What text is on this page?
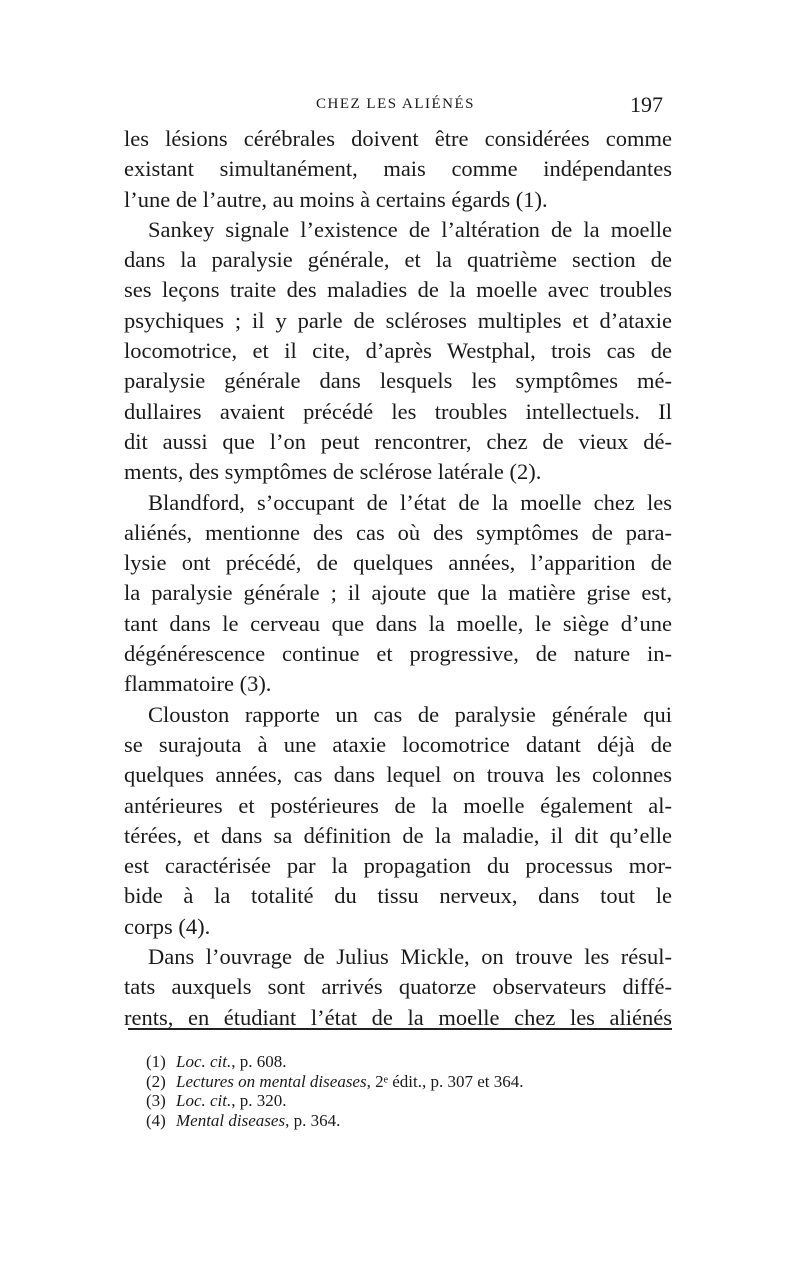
CHEZ LES ALIÉNÉS	197
les lésions cérébrales doivent être considérées comme
existant simultanément, mais comme indépendantes
l’une de l’autre, au moins à certains égards (1).
Sankey signale l’existence de l’altération de la moelle
dans la paralysie générale, et la quatrième section de
ses leçons traite des maladies de la moelle avec troubles
psychiques ; il y parle de scléroses multiples et d’ataxie
locomotrice, et il cite, d’après Westphal, trois cas de
paralysie générale dans lesquels les symptômes mé-
dullaires avaient précédé les troubles intellectuels. Il
dit aussi que l’on peut rencontrer, chez de vieux dé-
ments, des symptômes de sclérose latérale (2).
Blandford, s’occupant de l’état de la moelle chez les
aliénés, mentionne des cas où des symptômes de para-
lysie ont précédé, de quelques années, l’apparition de
la paralysie générale ; il ajoute que la matière grise est,
tant dans le cerveau que dans la moelle, le siège d’une
dégénérescence continue et progressive, de nature in-
flammatoire (3).
Clouston rapporte un cas de paralysie générale qui
se surajouta à une ataxie locomotrice datant déjà de
quelques années, cas dans lequel on trouva les colonnes
antérieures et postérieures de la moelle également al-
térées, et dans sa définition de la maladie, il dit qu’elle
est caractérisée par la propagation du processus mor-
bide à la totalité du tissu nerveux, dans tout le
corps (4).
Dans l’ouvrage de Julius Mickle, on trouve les résul-
tats auxquels sont arrivés quatorze observateurs diffé-
rents, en étudiant l’état de la moelle chez les aliénés
(1) Loc. cit., p. 608.
(2) Lectures on mental diseases, 2ᵉ édit., p. 307 et 364.
(3) Loc. cit., p. 320.
(4) Mental diseases, p. 364.
